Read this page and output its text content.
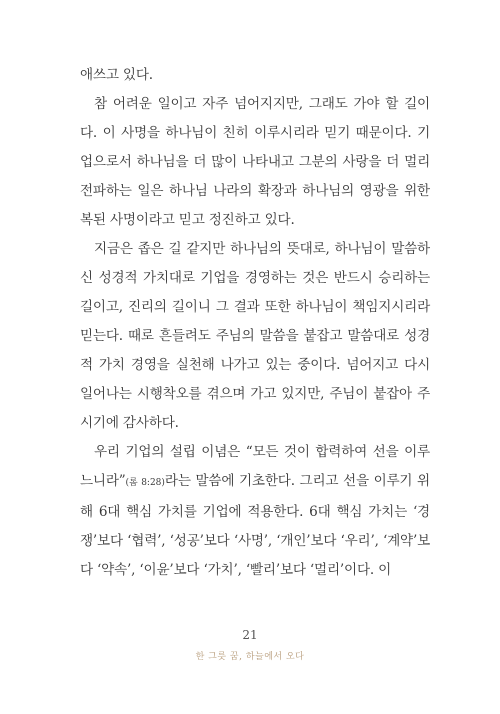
애쓰고 있다.

참 어려운 일이고 자주 넘어지지만, 그래도 가야 할 길이다. 이 사명을 하나님이 친히 이루시리라 믿기 때문이다. 기업으로서 하나님을 더 많이 나타내고 그분의 사랑을 더 멀리 전파하는 일은 하나님 나라의 확장과 하나님의 영광을 위한 복된 사명이라고 믿고 정진하고 있다.

지금은 좁은 길 같지만 하나님의 뜻대로, 하나님이 말씀하신 성경적 가치대로 기업을 경영하는 것은 반드시 승리하는 길이고, 진리의 길이니 그 결과 또한 하나님이 책임지시리라 믿는다. 때로 흔들려도 주님의 말씀을 붙잡고 말씀대로 성경적 가치 경영을 실천해 나가고 있는 중이다. 넘어지고 다시 일어나는 시행착오를 겪으며 가고 있지만, 주님이 붙잡아 주시기에 감사하다.

우리 기업의 설립 이념은 “모든 것이 합력하여 선을 이루느니라”(롬 8:28)라는 말씀에 기초한다. 그리고 선을 이루기 위해 6대 핵심 가치를 기업에 적용한다. 6대 핵심 가치는 ‘경쟁’보다 ‘협력’, ‘성공’보다 ‘사명’, ‘개인’보다 ‘우리’, ‘계약’보다 ‘약속’, ‘이윤’보다 ‘가치’, ‘빨리’보다 ‘멀리’이다. 이

21
한 그릇 꿈, 하늘에서 오다
